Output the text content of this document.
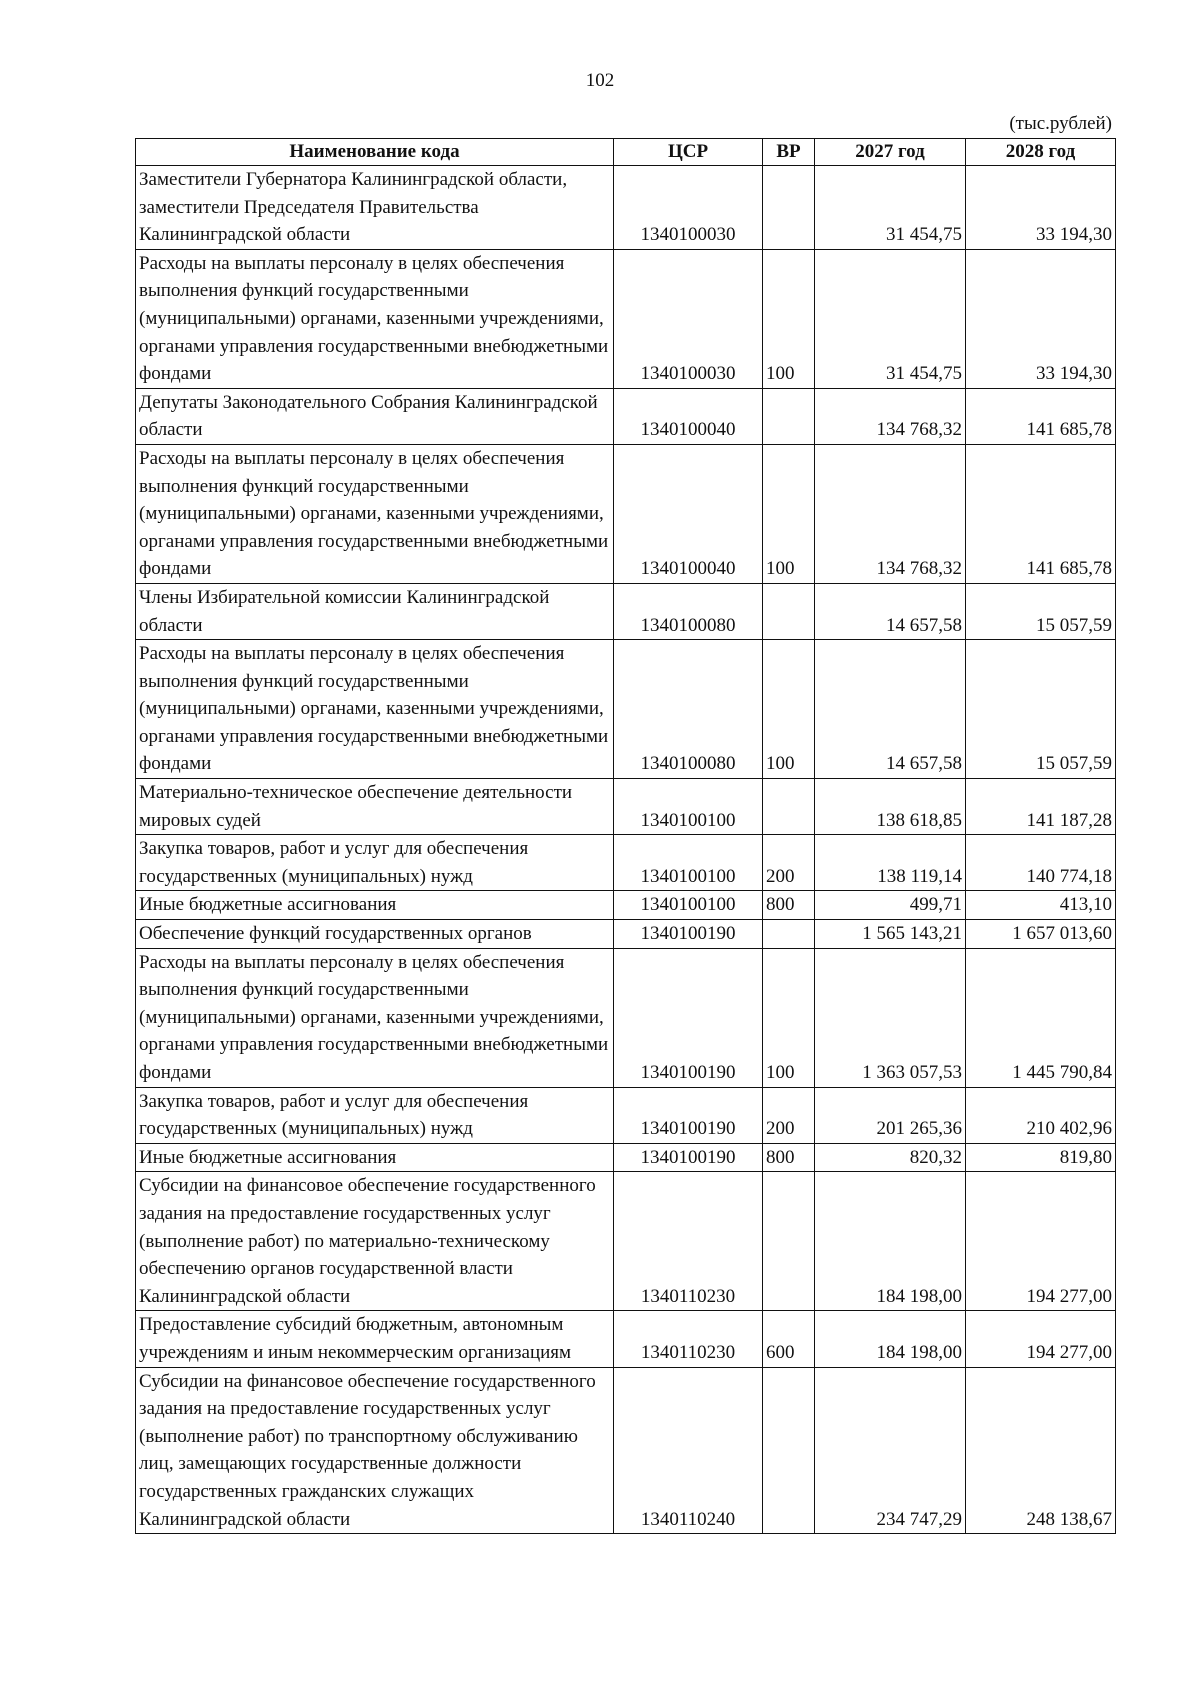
102
(тыс.рублей)
Наименование кода	ЦСР	ВР	2027 год	2028 год
Заместители Губернатора Калининградской области, заместители Председателя Правительства Калининградской области	1340100030		31 454,75	33 194,30
Расходы на выплаты персоналу в целях обеспечения выполнения функций государственными (муниципальными) органами, казенными учреждениями, органами управления государственными внебюджетными фондами	1340100030	100	31 454,75	33 194,30
Депутаты Законодательного Собрания Калининградской области	1340100040		134 768,32	141 685,78
Расходы на выплаты персоналу в целях обеспечения выполнения функций государственными (муниципальными) органами, казенными учреждениями, органами управления государственными внебюджетными фондами	1340100040	100	134 768,32	141 685,78
Члены Избирательной комиссии Калининградской области	1340100080		14 657,58	15 057,59
Расходы на выплаты персоналу в целях обеспечения выполнения функций государственными (муниципальными) органами, казенными учреждениями, органами управления государственными внебюджетными фондами	1340100080	100	14 657,58	15 057,59
Материально-техническое обеспечение деятельности мировых судей	1340100100		138 618,85	141 187,28
Закупка товаров, работ и услуг для обеспечения государственных (муниципальных) нужд	1340100100	200	138 119,14	140 774,18
Иные бюджетные ассигнования	1340100100	800	499,71	413,10
Обеспечение функций государственных органов	1340100190		1 565 143,21	1 657 013,60
Расходы на выплаты персоналу в целях обеспечения выполнения функций государственными (муниципальными) органами, казенными учреждениями, органами управления государственными внебюджетными фондами	1340100190	100	1 363 057,53	1 445 790,84
Закупка товаров, работ и услуг для обеспечения государственных (муниципальных) нужд	1340100190	200	201 265,36	210 402,96
Иные бюджетные ассигнования	1340100190	800	820,32	819,80
Субсидии на финансовое обеспечение государственного задания на предоставление государственных услуг (выполнение работ) по материально-техническому обеспечению органов государственной власти Калининградской области	1340110230		184 198,00	194 277,00
Предоставление субсидий бюджетным, автономным учреждениям и иным некоммерческим организациям	1340110230	600	184 198,00	194 277,00
Субсидии на финансовое обеспечение государственного задания на предоставление государственных услуг (выполнение работ) по транспортному обслуживанию лиц, замещающих государственные должности государственных гражданских служащих Калининградской области	1340110240		234 747,29	248 138,67
